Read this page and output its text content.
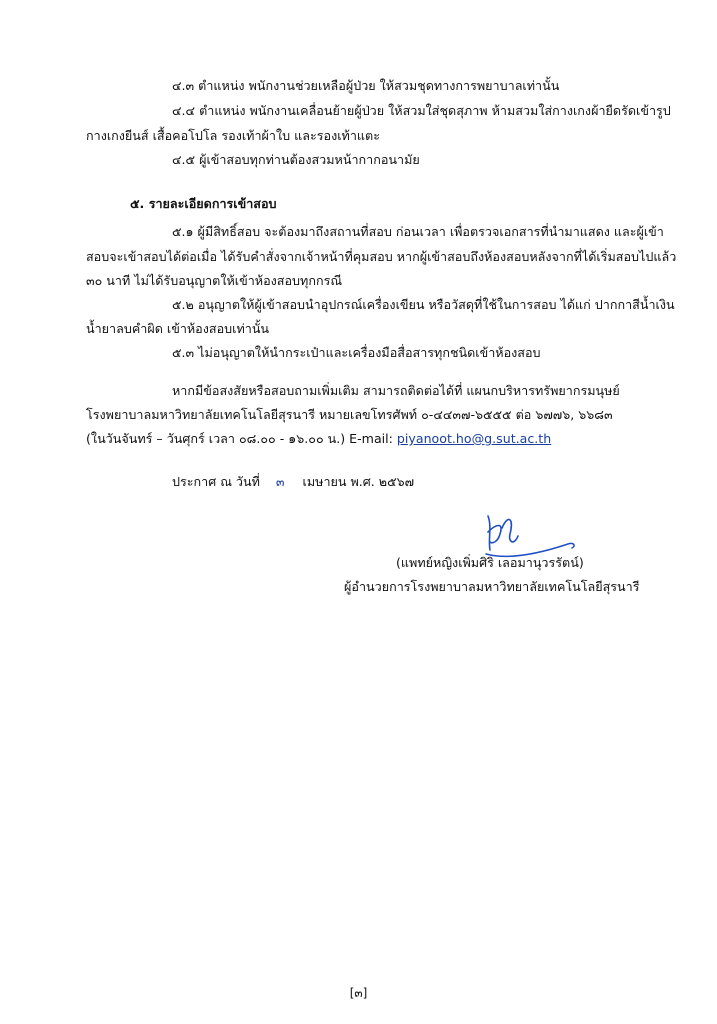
๔.๓ ตำแหน่ง พนักงานช่วยเหลือผู้ป่วย ให้สวมชุดทางการพยาบาลเท่านั้น
๔.๔ ตำแหน่ง พนักงานเคลื่อนย้ายผู้ป่วย ให้สวมใส่ชุดสุภาพ ห้ามสวมใส่กางเกงผ้ายืดรัดเข้ารูป
กางเกงยีนส์ เสื้อคอโปโล รองเท้าผ้าใบ และรองเท้าแตะ
๔.๕ ผู้เข้าสอบทุกท่านต้องสวมหน้ากากอนามัย
๕. รายละเอียดการเข้าสอบ
๕.๑ ผู้มีสิทธิ์สอบ จะต้องมาถึงสถานที่สอบ ก่อนเวลา เพื่อตรวจเอกสารที่นำมาแสดง และผู้เข้า
สอบจะเข้าสอบได้ต่อเมื่อ ได้รับคำสั่งจากเจ้าหน้าที่คุมสอบ หากผู้เข้าสอบถึงห้องสอบหลังจากที่ได้เริ่มสอบไปแล้ว
๓๐ นาที ไม่ได้รับอนุญาตให้เข้าห้องสอบทุกกรณี
๕.๒ อนุญาตให้ผู้เข้าสอบนำอุปกรณ์เครื่องเขียน หรือวัสดุที่ใช้ในการสอบ ได้แก่ ปากกาสีน้ำเงิน
น้ำยาลบคำผิด เข้าห้องสอบเท่านั้น
๕.๓ ไม่อนุญาตให้นำกระเป๋าและเครื่องมือสื่อสารทุกชนิดเข้าห้องสอบ
หากมีข้อสงสัยหรือสอบถามเพิ่มเติม สามารถติดต่อได้ที่ แผนกบริหารทรัพยากรมนุษย์
โรงพยาบาลมหาวิทยาลัยเทคโนโลยีสุรนารี หมายเลขโทรศัพท์ ๐-๔๔๓๗-๖๕๕๕ ต่อ ๖๗๗๖, ๖๖๘๓
(ในวันจันทร์ – วันศุกร์ เวลา ๐๘.๐๐ - ๑๖.๐๐ น.) E-mail: piyanoot.ho@g.sut.ac.th
ประกาศ ณ วันที่ ๓ เมษายน พ.ศ. ๒๕๖๗
(แพทย์หญิงเพิ่มศิริ เลอมานุวรรัตน์)
ผู้อำนวยการโรงพยาบาลมหาวิทยาลัยเทคโนโลยีสุรนารี
[๓]
